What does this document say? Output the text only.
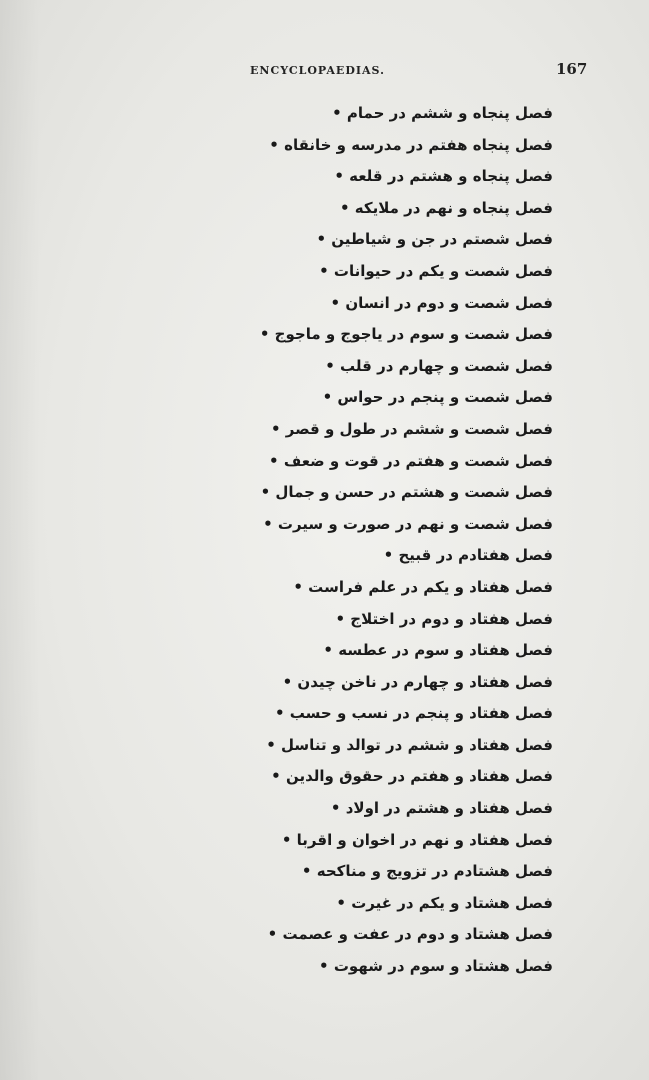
ENCYCLOPAEDIAS.	167
فصل پنجاه و ششم در حمام •
فصل پنجاه هفتم در مدرسه و خانقاه •
فصل پنجاه و هشتم در قلعه •
فصل پنجاه و نهم در ملايكه •
فصل شصتم در جن و شياطين •
فصل شصت و يكم در حيوانات •
فصل شصت و دوم در انسان •
فصل شصت و سوم در ياجوج و ماجوج •
فصل شصت و چهارم در قلب •
فصل شصت و پنجم در حواس •
فصل شصت و ششم در طول و قصر •
فصل شصت و هفتم در قوت و ضعف •
فصل شصت و هشتم در حسن و جمال •
فصل شصت و نهم در صورت و سيرت •
فصل هفتادم در قبيح •
فصل هفتاد و يكم در علم فراست •
فصل هفتاد و دوم در اختلاج •
فصل هفتاد و سوم در عطسه •
فصل هفتاد و چهارم در ناخن چيدن •
فصل هفتاد و پنجم در نسب و حسب •
فصل هفتاد و ششم در توالد و تناسل •
فصل هفتاد و هفتم در حقوق والدين •
فصل هفتاد و هشتم در اولاد •
فصل هفتاد و نهم در اخوان و اقربا •
فصل هشتادم در تزويج و مناكحه •
فصل هشتاد و يكم در غيرت •
فصل هشتاد و دوم در عفت و عصمت •
فصل هشتاد و سوم در شهوت •
